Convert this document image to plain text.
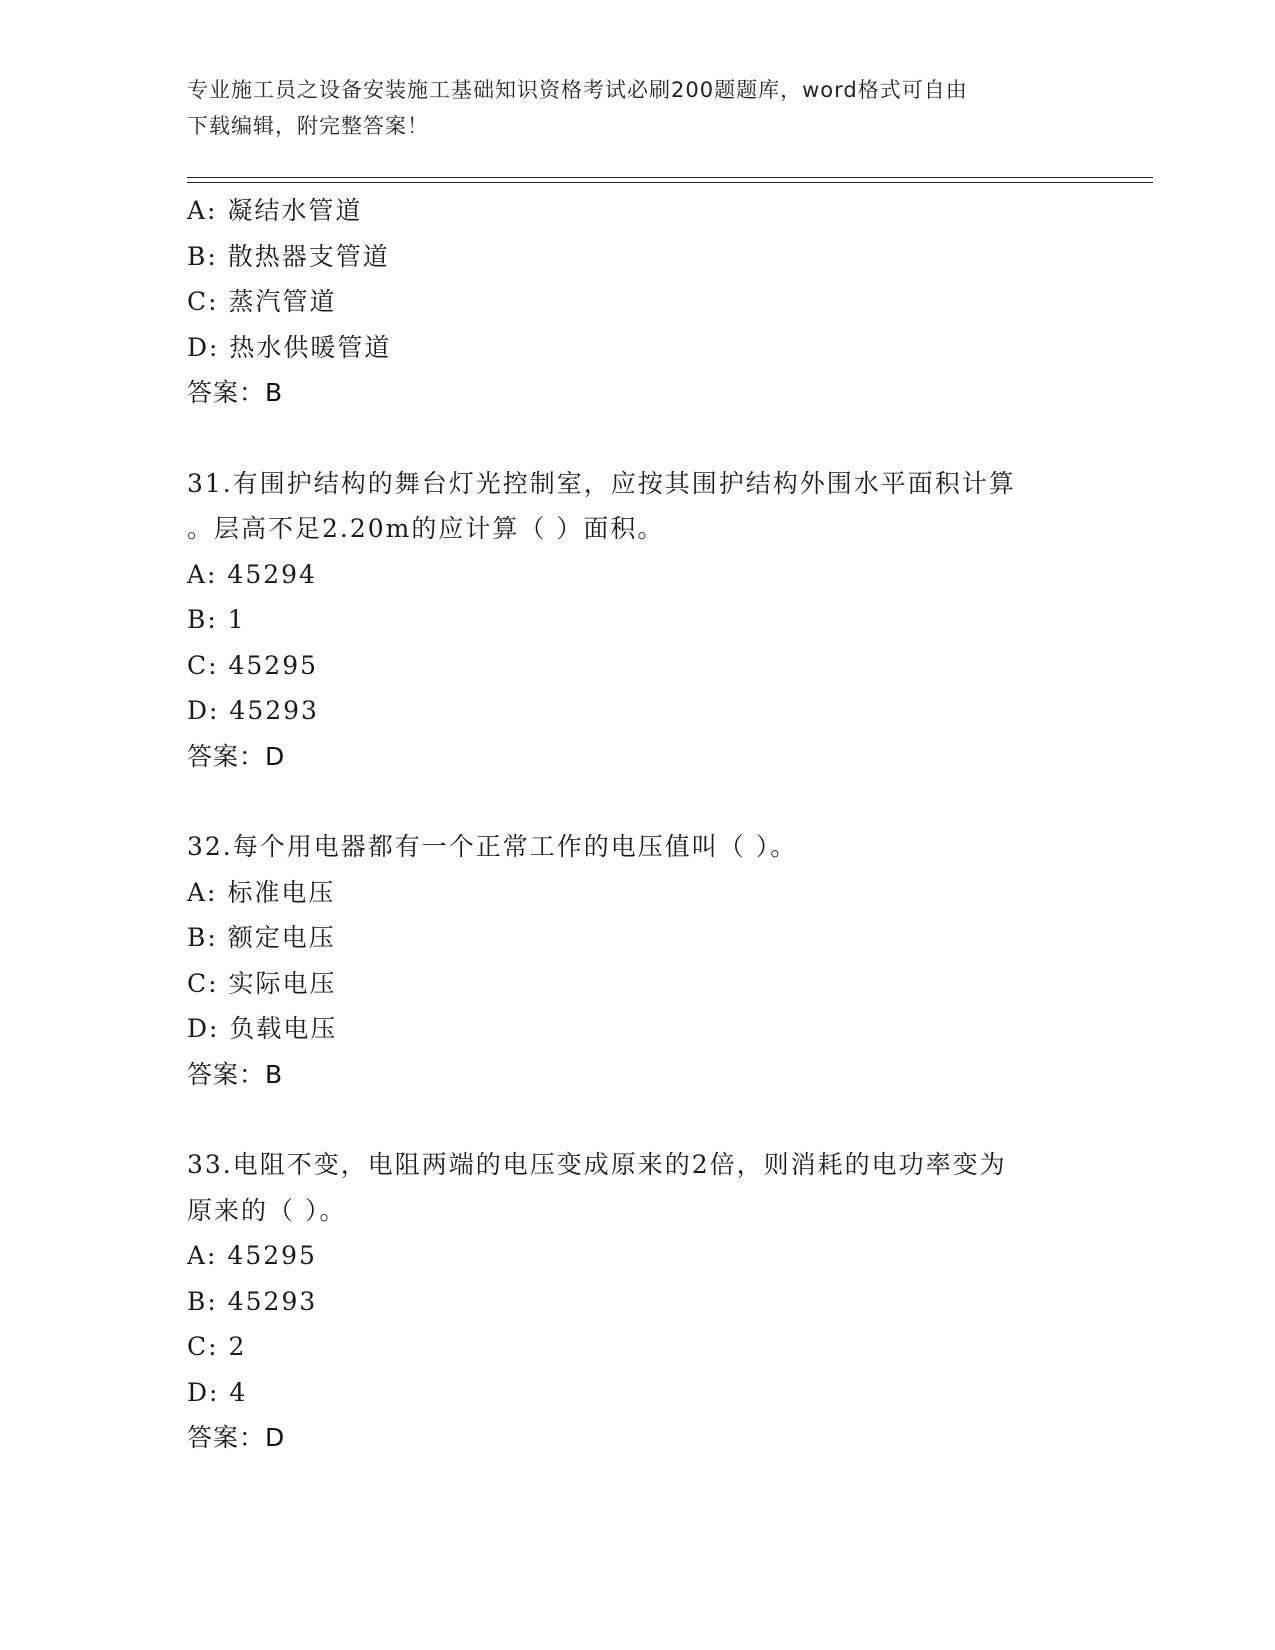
专业施工员之设备安装施工基础知识资格考试必刷200题题库，word格式可自由
下载编辑，附完整答案！
A: 凝结水管道
B: 散热器支管道
C: 蒸汽管道
D: 热水供暖管道
答案：B
31.有围护结构的舞台灯光控制室，应按其围护结构外围水平面积计算
。层高不足2.20m的应计算（ ）面积。
A: 45294
B: 1
C: 45295
D: 45293
答案：D
32.每个用电器都有一个正常工作的电压值叫（ ）。
A: 标准电压
B: 额定电压
C: 实际电压
D: 负载电压
答案：B
33.电阻不变，电阻两端的电压变成原来的2倍，则消耗的电功率变为
原来的（ ）。
A: 45295
B: 45293
C: 2
D: 4
答案：D
